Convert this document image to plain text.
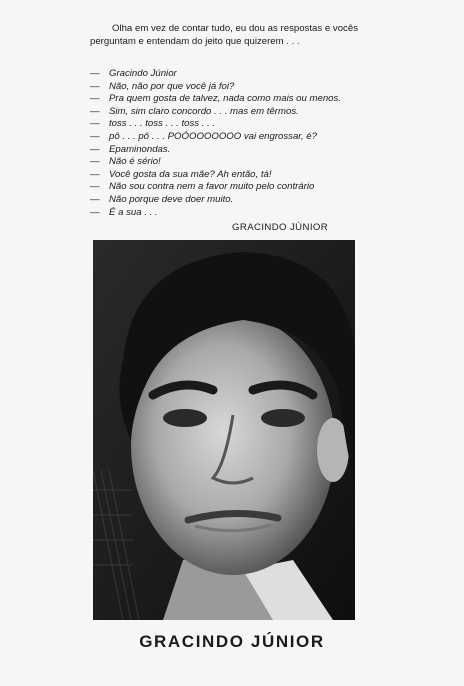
Olha em vez de contar tudo, eu dou as respostas e vocês perguntam e entendam do jeito que quizerem . . .

— Gracindo Júnior
— Não, não por que você já foi?
— Pra quem gosta de talvez, nada como mais ou menos.
— Sim, sim claro concordo . . . mas em têrmos.
— toss . . . toss . . . toss . . .
— pô . . . pô . . . POÓOOOOOOO vai engrossar, é?
— Epaminondas.
— Não é sério!
— Você gosta da sua mãe? Ah então, tá!
— Não sou contra nem a favor muito pelo contrário
— Não porque deve doer muito.
— É a sua . . .
GRACINDO JÚNIOR
GRACINDO JÚNIOR
